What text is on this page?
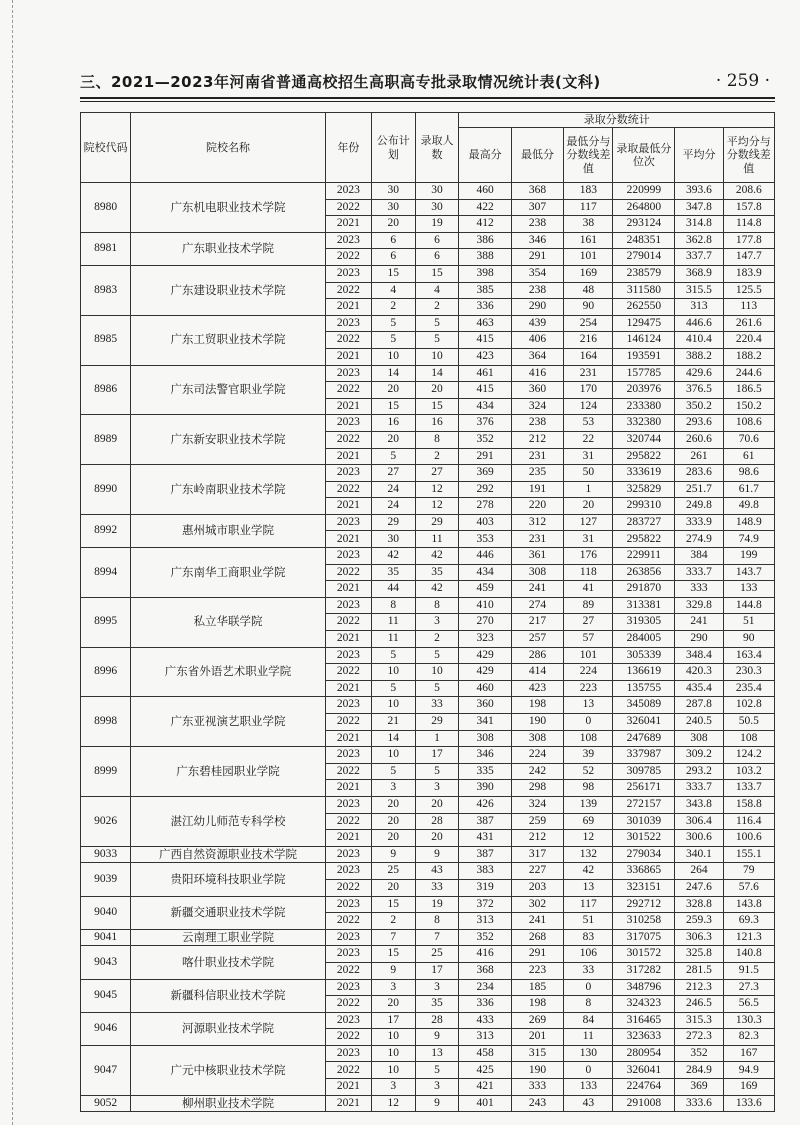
三、2021—2023年河南省普通高校招生高职高专批录取情况统计表(文科)	· 259 ·
院校代码	院校名称	年份	公布计划	录取人数	录取分数统计					
					最高分	最低分	最低分与分数线差值	录取最低分位次	平均分	平均分与分数线差值
8980	广东机电职业技术学院	2023	30	30	460	368	183	220999	393.6	208.6
		2022	30	30	422	307	117	264800	347.8	157.8
		2021	20	19	412	238	38	293124	314.8	114.8
8981	广东职业技术学院	2023	6	6	386	346	161	248351	362.8	177.8
		2022	6	6	388	291	101	279014	337.7	147.7
8983	广东建设职业技术学院	2023	15	15	398	354	169	238579	368.9	183.9
		2022	4	4	385	238	48	311580	315.5	125.5
		2021	2	2	336	290	90	262550	313	113
8985	广东工贸职业技术学院	2023	5	5	463	439	254	129475	446.6	261.6
		2022	5	5	415	406	216	146124	410.4	220.4
		2021	10	10	423	364	164	193591	388.2	188.2
8986	广东司法警官职业学院	2023	14	14	461	416	231	157785	429.6	244.6
		2022	20	20	415	360	170	203976	376.5	186.5
		2021	15	15	434	324	124	233380	350.2	150.2
8989	广东新安职业技术学院	2023	16	16	376	238	53	332380	293.6	108.6
		2022	20	8	352	212	22	320744	260.6	70.6
		2021	5	2	291	231	31	295822	261	61
8990	广东岭南职业技术学院	2023	27	27	369	235	50	333619	283.6	98.6
		2022	24	12	292	191	1	325829	251.7	61.7
		2021	24	12	278	220	20	299310	249.8	49.8
8992	惠州城市职业学院	2023	29	29	403	312	127	283727	333.9	148.9
		2021	30	11	353	231	31	295822	274.9	74.9
8994	广东南华工商职业学院	2023	42	42	446	361	176	229911	384	199
		2022	35	35	434	308	118	263856	333.7	143.7
		2021	44	42	459	241	41	291870	333	133
8995	私立华联学院	2023	8	8	410	274	89	313381	329.8	144.8
		2022	11	3	270	217	27	319305	241	51
		2021	11	2	323	257	57	284005	290	90
8996	广东省外语艺术职业学院	2023	5	5	429	286	101	305339	348.4	163.4
		2022	10	10	429	414	224	136619	420.3	230.3
		2021	5	5	460	423	223	135755	435.4	235.4
8998	广东亚视演艺职业学院	2023	10	33	360	198	13	345089	287.8	102.8
		2022	21	29	341	190	0	326041	240.5	50.5
		2021	14	1	308	308	108	247689	308	108
8999	广东碧桂园职业学院	2023	10	17	346	224	39	337987	309.2	124.2
		2022	5	5	335	242	52	309785	293.2	103.2
		2021	3	3	390	298	98	256171	333.7	133.7
9026	湛江幼儿师范专科学校	2023	20	20	426	324	139	272157	343.8	158.8
		2022	20	28	387	259	69	301039	306.4	116.4
		2021	20	20	431	212	12	301522	300.6	100.6
9033	广西自然资源职业技术学院	2023	9	9	387	317	132	279034	340.1	155.1
9039	贵阳环境科技职业学院	2023	25	43	383	227	42	336865	264	79
		2022	20	33	319	203	13	323151	247.6	57.6
9040	新疆交通职业技术学院	2023	15	19	372	302	117	292712	328.8	143.8
		2022	2	8	313	241	51	310258	259.3	69.3
9041	云南理工职业学院	2023	7	7	352	268	83	317075	306.3	121.3
9043	喀什职业技术学院	2023	15	25	416	291	106	301572	325.8	140.8
		2022	9	17	368	223	33	317282	281.5	91.5
9045	新疆科信职业技术学院	2023	3	3	234	185	0	348796	212.3	27.3
		2022	20	35	336	198	8	324323	246.5	56.5
9046	河源职业技术学院	2023	17	28	433	269	84	316465	315.3	130.3
		2022	10	9	313	201	11	323633	272.3	82.3
9047	广元中核职业技术学院	2023	10	13	458	315	130	280954	352	167
		2022	10	5	425	190	0	326041	284.9	94.9
		2021	3	3	421	333	133	224764	369	169
9052	柳州职业技术学院	2021	12	9	401	243	43	291008	333.6	133.6
